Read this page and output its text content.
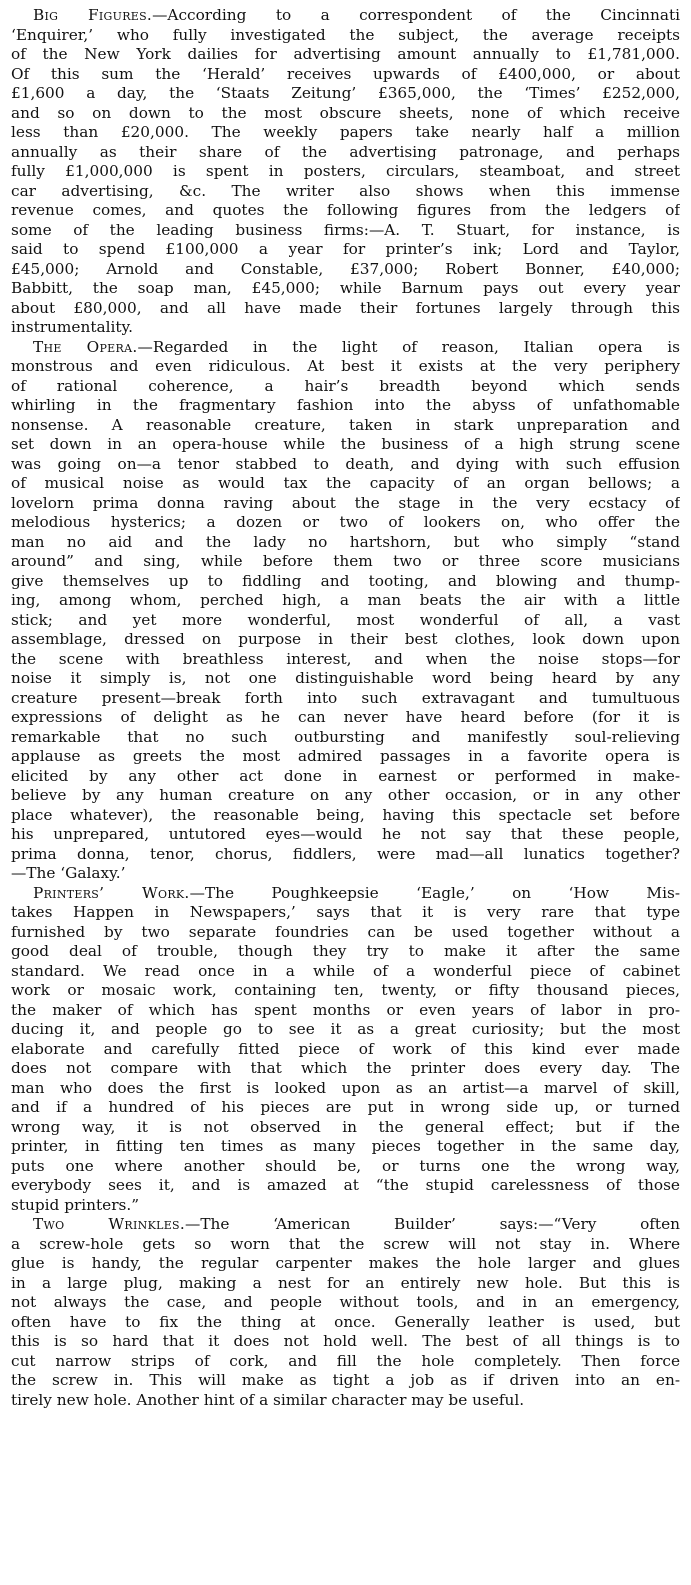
Big Figures.—According to a correspondent of the Cincinnati
‘Enquirer,’ who fully investigated the subject, the average receipts
of the New York dailies for advertising amount annually to £1,781,000.
Of this sum the ‘Herald’ receives upwards of £400,000, or about
£1,600 a day, the ‘Staats Zeitung’ £365,000, the ‘Times’ £252,000,
and so on down to the most obscure sheets, none of which receive
less than £20,000. The weekly papers take nearly half a million
annually as their share of the advertising patronage, and perhaps
fully £1,000,000 is spent in posters, circulars, steamboat, and street
car advertising, &c. The writer also shows when this immense
revenue comes, and quotes the following figures from the ledgers of
some of the leading business firms:—A. T. Stuart, for instance, is
said to spend £100,000 a year for printer’s ink; Lord and Taylor,
£45,000; Arnold and Constable, £37,000; Robert Bonner, £40,000;
Babbitt, the soap man, £45,000; while Barnum pays out every year
about £80,000, and all have made their fortunes largely through this
instrumentality.
The Opera.—Regarded in the light of reason, Italian opera is
monstrous and even ridiculous. At best it exists at the very periphery
of rational coherence, a hair’s breadth beyond which sends
whirling in the fragmentary fashion into the abyss of unfathomable
nonsense. A reasonable creature, taken in stark unpreparation and
set down in an opera-house while the business of a high strung scene
was going on—a tenor stabbed to death, and dying with such effusion
of musical noise as would tax the capacity of an organ bellows; a
lovelorn prima donna raving about the stage in the very ecstacy of
melodious hysterics; a dozen or two of lookers on, who offer the
man no aid and the lady no hartshorn, but who simply “stand
around” and sing, while before them two or three score musicians
give themselves up to fiddling and tooting, and blowing and thump-
ing, among whom, perched high, a man beats the air with a little
stick; and yet more wonderful, most wonderful of all, a vast
assemblage, dressed on purpose in their best clothes, look down upon
the scene with breathless interest, and when the noise stops—for
noise it simply is, not one distinguishable word being heard by any
creature present—break forth into such extravagant and tumultuous
expressions of delight as he can never have heard before (for it is
remarkable that no such outbursting and manifestly soul-relieving
applause as greets the most admired passages in a favorite opera is
elicited by any other act done in earnest or performed in make-
believe by any human creature on any other occasion, or in any other
place whatever), the reasonable being, having this spectacle set before
his unprepared, untutored eyes—would he not say that these people,
prima donna, tenor, chorus, fiddlers, were mad—all lunatics together?
—The ‘Galaxy.’
Printers’ Work.—The Poughkeepsie ‘Eagle,’ on ‘How Mis-
takes Happen in Newspapers,’ says that it is very rare that type
furnished by two separate foundries can be used together without a
good deal of trouble, though they try to make it after the same
standard. We read once in a while of a wonderful piece of cabinet
work or mosaic work, containing ten, twenty, or fifty thousand pieces,
the maker of which has spent months or even years of labor in pro-
ducing it, and people go to see it as a great curiosity; but the most
elaborate and carefully fitted piece of work of this kind ever made
does not compare with that which the printer does every day. The
man who does the first is looked upon as an artist—a marvel of skill,
and if a hundred of his pieces are put in wrong side up, or turned
wrong way, it is not observed in the general effect; but if the
printer, in fitting ten times as many pieces together in the same day,
puts one where another should be, or turns one the wrong way,
everybody sees it, and is amazed at “the stupid carelessness of those
stupid printers.”
Two Wrinkles.—The ‘American Builder’ says:—“Very often
a screw-hole gets so worn that the screw will not stay in. Where
glue is handy, the regular carpenter makes the hole larger and glues
in a large plug, making a nest for an entirely new hole. But this is
not always the case, and people without tools, and in an emergency,
often have to fix the thing at once. Generally leather is used, but
this is so hard that it does not hold well. The best of all things is to
cut narrow strips of cork, and fill the hole completely. Then force
the screw in. This will make as tight a job as if driven into an en-
tirely new hole. Another hint of a similar character may be useful.
